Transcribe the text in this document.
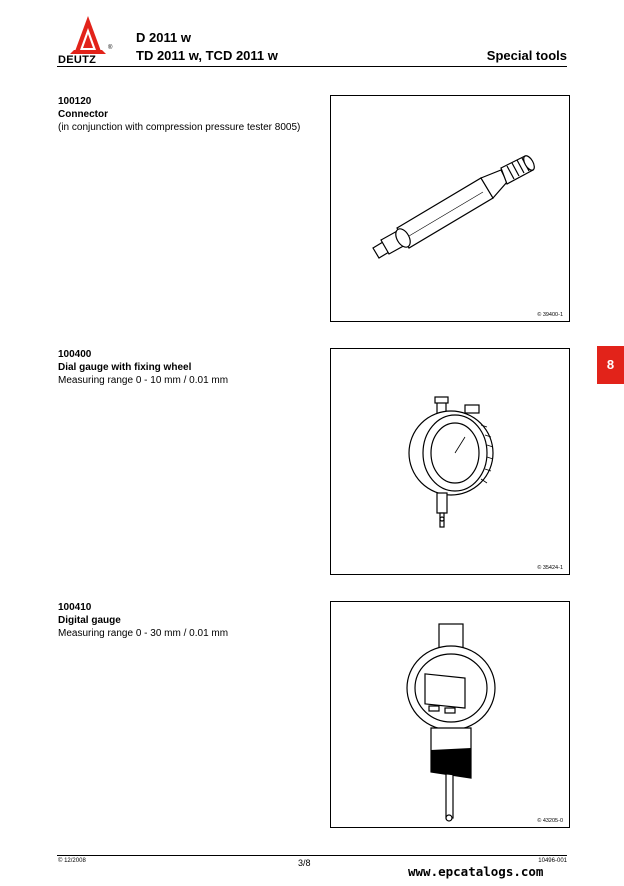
DEUTZ
®
D 2011 w
TD 2011 w, TCD 2011 w	Special tools
100120
Connector
(in conjunction with compression pressure tester 8005)
© 39400-1
100400
Dial gauge with fixing wheel
Measuring range 0 - 10 mm / 0.01 mm
© 35424-1
8
100410
Digital gauge
Measuring range 0 - 30 mm / 0.01 mm
© 43205-0
© 12/2008	3/8	10496-001
www.epcatalogs.com
